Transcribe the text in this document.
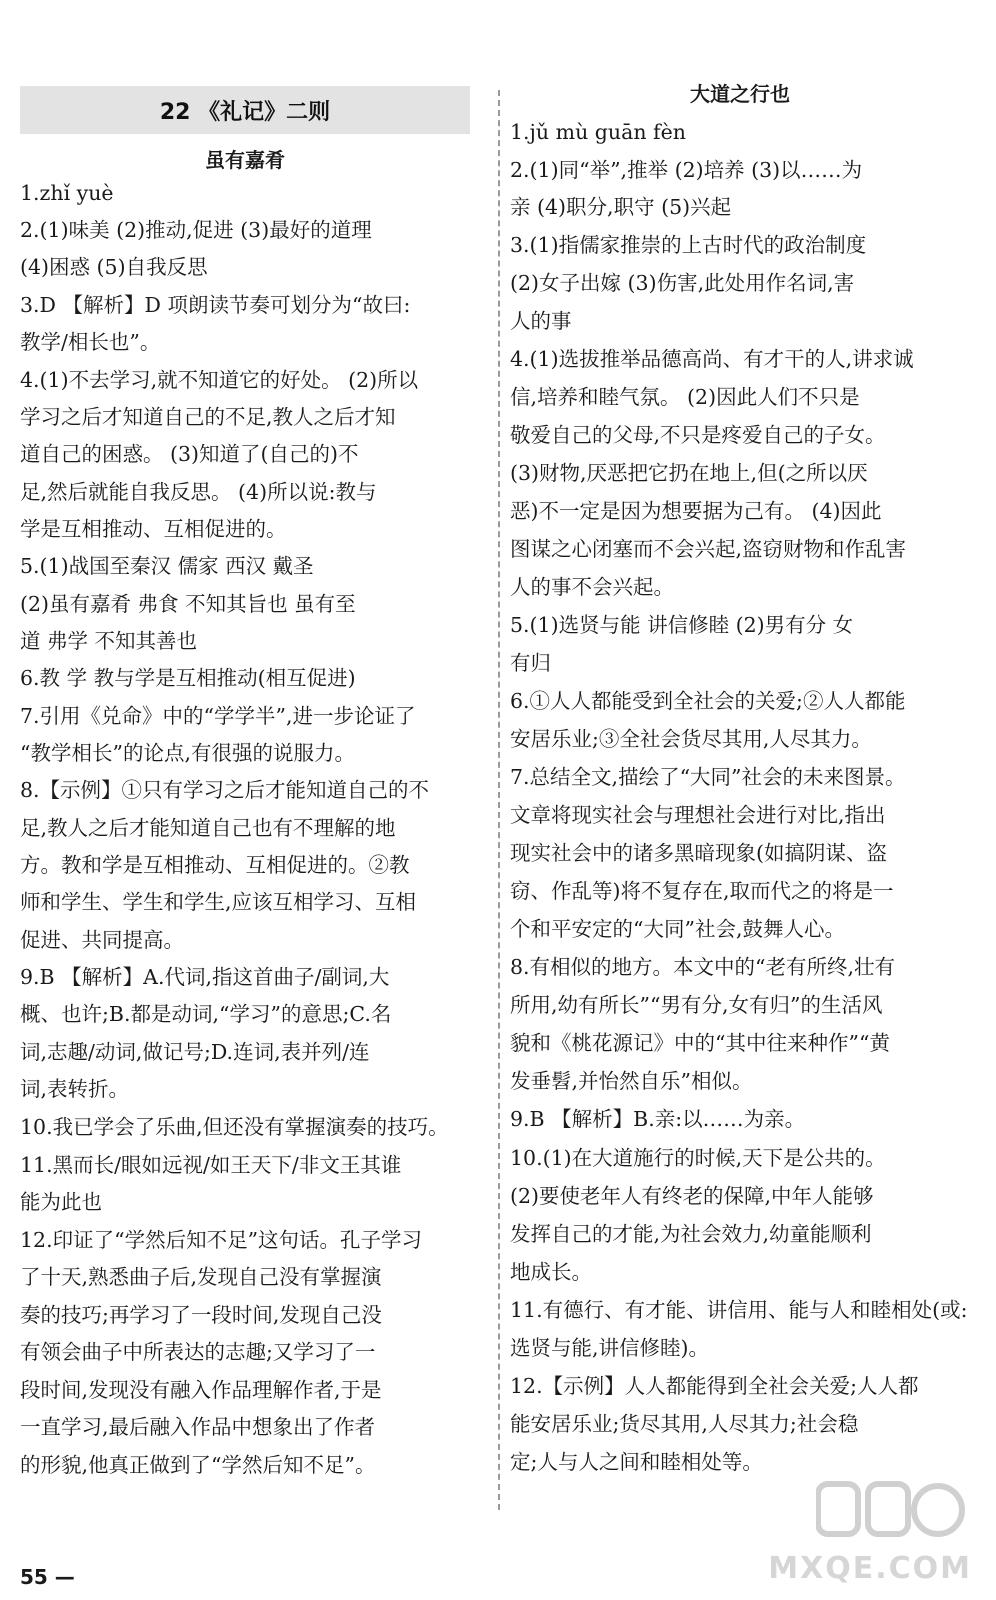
22 《礼记》二则
虽有嘉肴
1.zhǐ yuè
2.(1)味美 (2)推动,促进 (3)最好的道理
(4)困惑 (5)自我反思
3.D 【解析】D 项朗读节奏可划分为“故曰:
教学/相长也”。
4.(1)不去学习,就不知道它的好处。 (2)所以
学习之后才知道自己的不足,教人之后才知
道自己的困惑。 (3)知道了(自己的)不
足,然后就能自我反思。 (4)所以说:教与
学是互相推动、互相促进的。
5.(1)战国至秦汉 儒家 西汉 戴圣
(2)虽有嘉肴 弗食 不知其旨也 虽有至
道 弗学 不知其善也
6.教 学 教与学是互相推动(相互促进)
7.引用《兑命》中的“学学半”,进一步论证了
“教学相长”的论点,有很强的说服力。
8.【示例】①只有学习之后才能知道自己的不
足,教人之后才能知道自己也有不理解的地
方。教和学是互相推动、互相促进的。②教
师和学生、学生和学生,应该互相学习、互相
促进、共同提高。
9.B 【解析】A.代词,指这首曲子/副词,大
概、也许;B.都是动词,“学习”的意思;C.名
词,志趣/动词,做记号;D.连词,表并列/连
词,表转折。
10.我已学会了乐曲,但还没有掌握演奏的技巧。
11.黑而长/眼如远视/如王天下/非文王其谁
能为此也
12.印证了“学然后知不足”这句话。孔子学习
了十天,熟悉曲子后,发现自己没有掌握演
奏的技巧;再学习了一段时间,发现自己没
有领会曲子中所表达的志趣;又学习了一
段时间,发现没有融入作品理解作者,于是
一直学习,最后融入作品中想象出了作者
的形貌,他真正做到了“学然后知不足”。
55 —
大道之行也
1.jǔ mù guān fèn
2.(1)同“举”,推举 (2)培养 (3)以……为
亲 (4)职分,职守 (5)兴起
3.(1)指儒家推崇的上古时代的政治制度
(2)女子出嫁 (3)伤害,此处用作名词,害
人的事
4.(1)选拔推举品德高尚、有才干的人,讲求诚
信,培养和睦气氛。 (2)因此人们不只是
敬爱自己的父母,不只是疼爱自己的子女。
(3)财物,厌恶把它扔在地上,但(之所以厌
恶)不一定是因为想要据为己有。 (4)因此
图谋之心闭塞而不会兴起,盗窃财物和作乱害
人的事不会兴起。
5.(1)选贤与能 讲信修睦 (2)男有分 女
有归
6.①人人都能受到全社会的关爱;②人人都能
安居乐业;③全社会货尽其用,人尽其力。
7.总结全文,描绘了“大同”社会的未来图景。
文章将现实社会与理想社会进行对比,指出
现实社会中的诸多黑暗现象(如搞阴谋、盗
窃、作乱等)将不复存在,取而代之的将是一
个和平安定的“大同”社会,鼓舞人心。
8.有相似的地方。本文中的“老有所终,壮有
所用,幼有所长”“男有分,女有归”的生活风
貌和《桃花源记》中的“其中往来种作”“黄
发垂髫,并怡然自乐”相似。
9.B 【解析】B.亲:以……为亲。
10.(1)在大道施行的时候,天下是公共的。
(2)要使老年人有终老的保障,中年人能够
发挥自己的才能,为社会效力,幼童能顺利
地成长。
11.有德行、有才能、讲信用、能与人和睦相处(或:
选贤与能,讲信修睦)。
12.【示例】人人都能得到全社会关爱;人人都
能安居乐业;货尽其用,人尽其力;社会稳
定;人与人之间和睦相处等。
MXQE.COM
